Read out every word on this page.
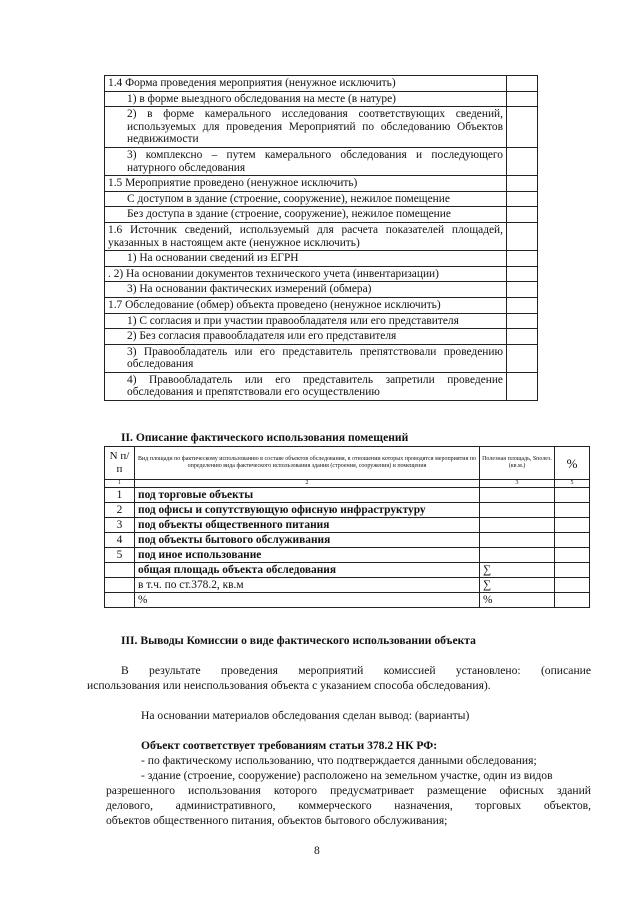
1.4 Форма проведения мероприятия (ненужное исключить)	
1) в форме выездного обследования на месте (в натуре)	
2) в форме камерального исследования соответствующих сведений, используемых для проведения Мероприятий по обследованию Объектов недвижимости	
3) комплексно – путем камерального обследования и последующего натурного обследования	
1.5 Мероприятие проведено (ненужное исключить)	
С доступом в здание (строение, сооружение), нежилое помещение	
Без доступа в здание (строение, сооружение), нежилое помещение	
1.6 Источник сведений, используемый для расчета показателей площадей, указанных в настоящем акте (ненужное исключить)	
1) На основании сведений из ЕГРН	
. 2) На основании документов технического учета (инвентаризации)	
3) На основании фактических измерений (обмера)	
1.7 Обследование (обмер) объекта проведено (ненужное исключить)	
1) С согласия и при участии правообладателя или его представителя	
2) Без согласия правообладателя или его представителя	
3) Правообладатель или его представитель препятствовали проведению обследования	
4) Правообладатель или его представитель запретили проведение обследования и препятствовали его осуществлению	
II. Описание фактического использования помещений
N п/п	Вид площади по фактическому использованию в составе объектов обследования, в отношении которых проводятся мероприятия по определению вида фактического использования здания (строения, сооружения) и помещения	Полезная площадь, Sполез. (кв.м.)	%
1	2	3	5
1	под торговые объекты		
2	под офисы и сопутствующую офисную инфраструктуру		
3	под объекты общественного питания		
4	под объекты бытового обслуживания		
5	под иное использование		
	общая площадь объекта обследования	∑	
	в т.ч. по ст.378.2, кв.м	∑	
	%	%	
III. Выводы Комиссии о виде фактического использовании объекта
В результате проведения мероприятий комиссией установлено: (описание
использования или неиспользования объекта с указанием способа обследования).
На основании материалов обследования сделан вывод: (варианты)
Объект соответствует требованиям статьи 378.2 НК РФ:
- по фактическому использованию, что подтверждается данными обследования;
- здание (строение, сооружение) расположено на земельном участке, один из видов
разрешенного использования которого предусматривает размещение офисных зданий
делового, административного, коммерческого назначения, торговых объектов,
объектов общественного питания, объектов бытового обслуживания;
8
